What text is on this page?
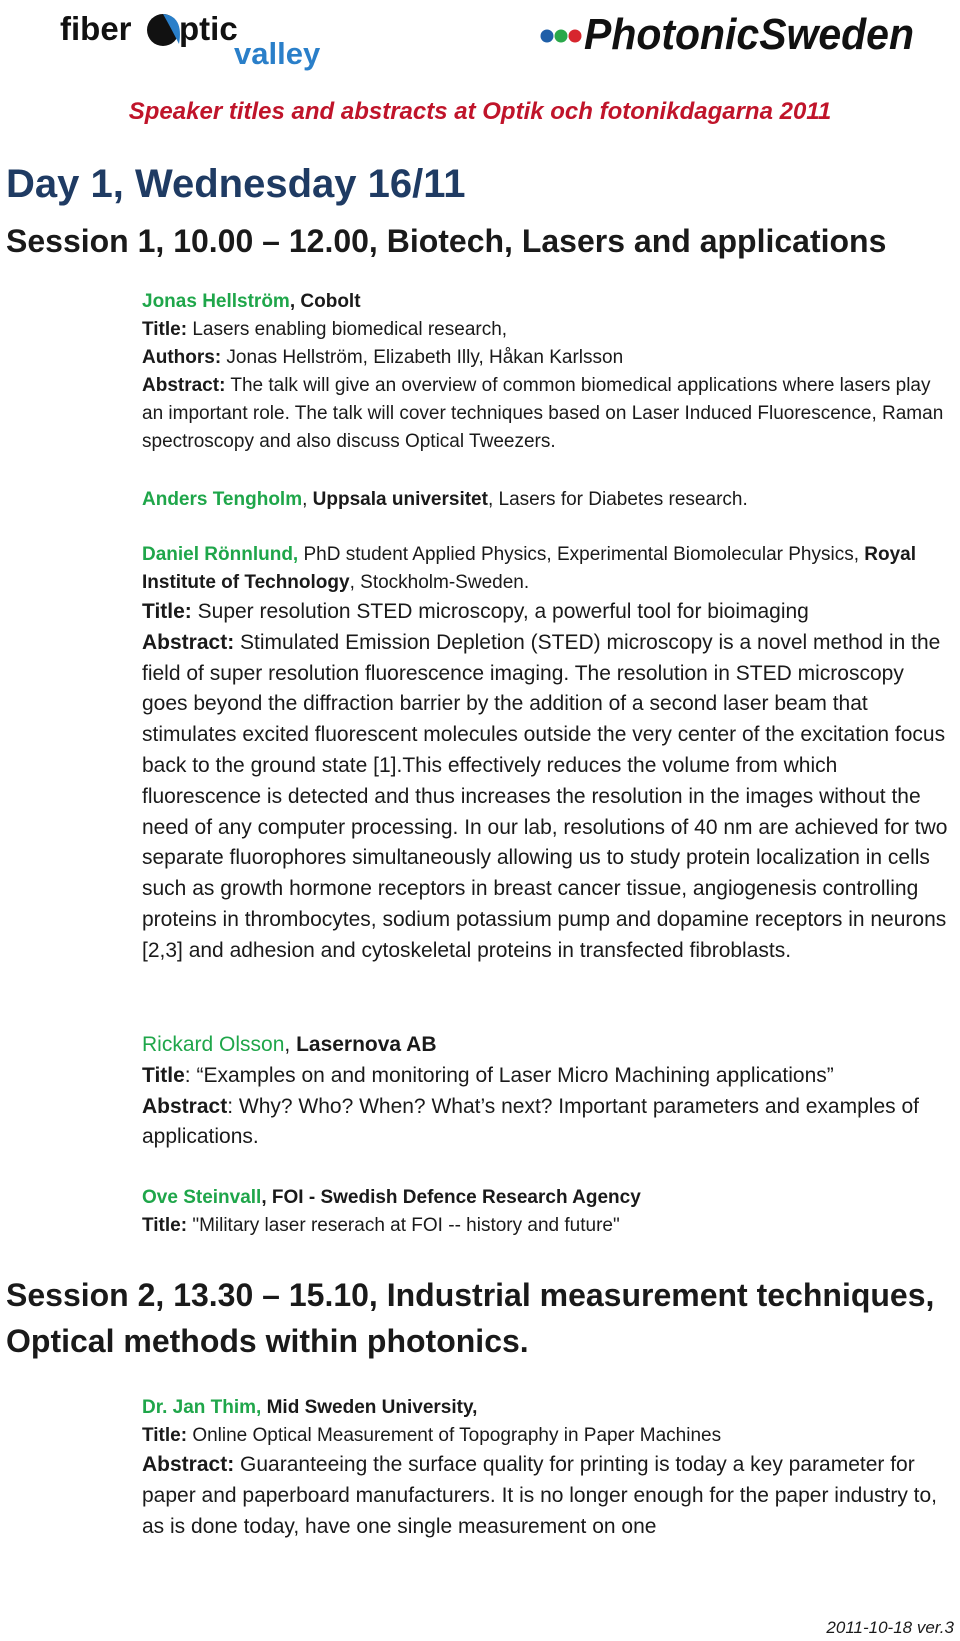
fiber ptic
valley	PhotonicSweden
Speaker titles and abstracts at Optik och fotonikdagarna 2011
Day 1, Wednesday 16/11
Session 1, 10.00 – 12.00, Biotech, Lasers and applications
Jonas Hellström, Cobolt
Title: Lasers enabling biomedical research,
Authors: Jonas Hellström, Elizabeth Illy, Håkan Karlsson
Abstract: The talk will give an overview of common biomedical applications where lasers play an important role. The talk will cover techniques based on Laser Induced Fluorescence, Raman spectroscopy and also discuss Optical Tweezers.
Anders Tengholm, Uppsala universitet, Lasers for Diabetes research.
Daniel Rönnlund, PhD student Applied Physics, Experimental Biomolecular Physics, Royal Institute of Technology, Stockholm-Sweden.
Title: Super resolution STED microscopy, a powerful tool for bioimaging
Abstract: Stimulated Emission Depletion (STED) microscopy is a novel method in the field of super resolution fluorescence imaging. The resolution in STED microscopy goes beyond the diffraction barrier by the addition of a second laser beam that stimulates excited fluorescent molecules outside the very center of the excitation focus back to the ground state [1].This effectively reduces the volume from which fluorescence is detected and thus increases the resolution in the images without the need of any computer processing. In our lab, resolutions of 40 nm are achieved for two separate fluorophores simultaneously allowing us to study protein localization in cells such as growth hormone receptors in breast cancer tissue, angiogenesis controlling proteins in thrombocytes, sodium potassium pump and dopamine receptors in neurons [2,3] and adhesion and cytoskeletal proteins in transfected fibroblasts.
Rickard Olsson, Lasernova AB
Title: “Examples on and monitoring of Laser Micro Machining applications”
Abstract: Why? Who? When? What’s next? Important parameters and examples of applications.
Ove Steinvall, FOI - Swedish Defence Research Agency
Title: "Military laser reserach at FOI -- history and future"
Session 2, 13.30 – 15.10, Industrial measurement techniques, Optical methods within photonics.
Dr. Jan Thim, Mid Sweden University,
Title: Online Optical Measurement of Topography in Paper Machines
Abstract: Guaranteeing the surface quality for printing is today a key parameter for paper and paperboard manufacturers. It is no longer enough for the paper industry to, as is done today, have one single measurement on one
2011-10-18 ver.3
